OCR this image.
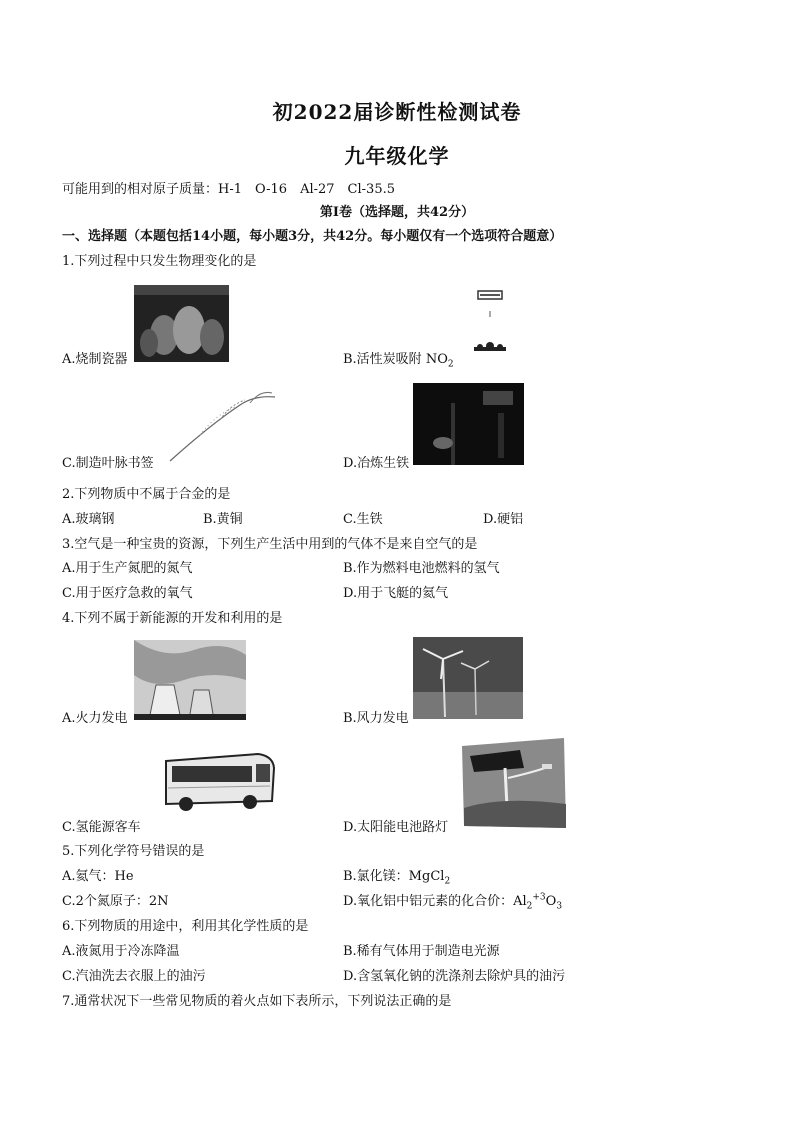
初2022届诊断性检测试卷
九年级化学
可能用到的相对原子质量：H-1　O-16　Al-27　Cl-35.5
第Ⅰ卷（选择题，共42分）
一、选择题（本题包括14小题，每小题3分，共42分。每小题仅有一个选项符合题意）
1.下列过程中只发生物理变化的是
A.烧制瓷器	B.活性炭吸附 $NO_2$
C.制造叶脉书签	D.冶炼生铁
2.下列物质中不属于合金的是
A.玻璃钢	B.黄铜	C.生铁	D.硬铝
3.空气是一种宝贵的资源，下列生产生活中用到的气体不是来自空气的是
A.用于生产氮肥的氮气	B.作为燃料电池燃料的氢气
C.用于医疗急救的氧气	D.用于飞艇的氦气
4.下列不属于新能源的开发和利用的是
A.火力发电	B.风力发电
C.氢能源客车	D.太阳能电池路灯
5.下列化学符号错误的是
A.氦气：He	B.氯化镁：MgCl$_2$
C.2个氮原子：2N	D.氧化铝中铝元素的化合价：$Al_2^{+3}O_3$
6.下列物质的用途中，利用其化学性质的是
A.液氮用于冷冻降温	B.稀有气体用于制造电光源
C.汽油洗去衣服上的油污	D.含氢氧化钠的洗涤剂去除炉具的油污
7.通常状况下一些常见物质的着火点如下表所示，下列说法正确的是
